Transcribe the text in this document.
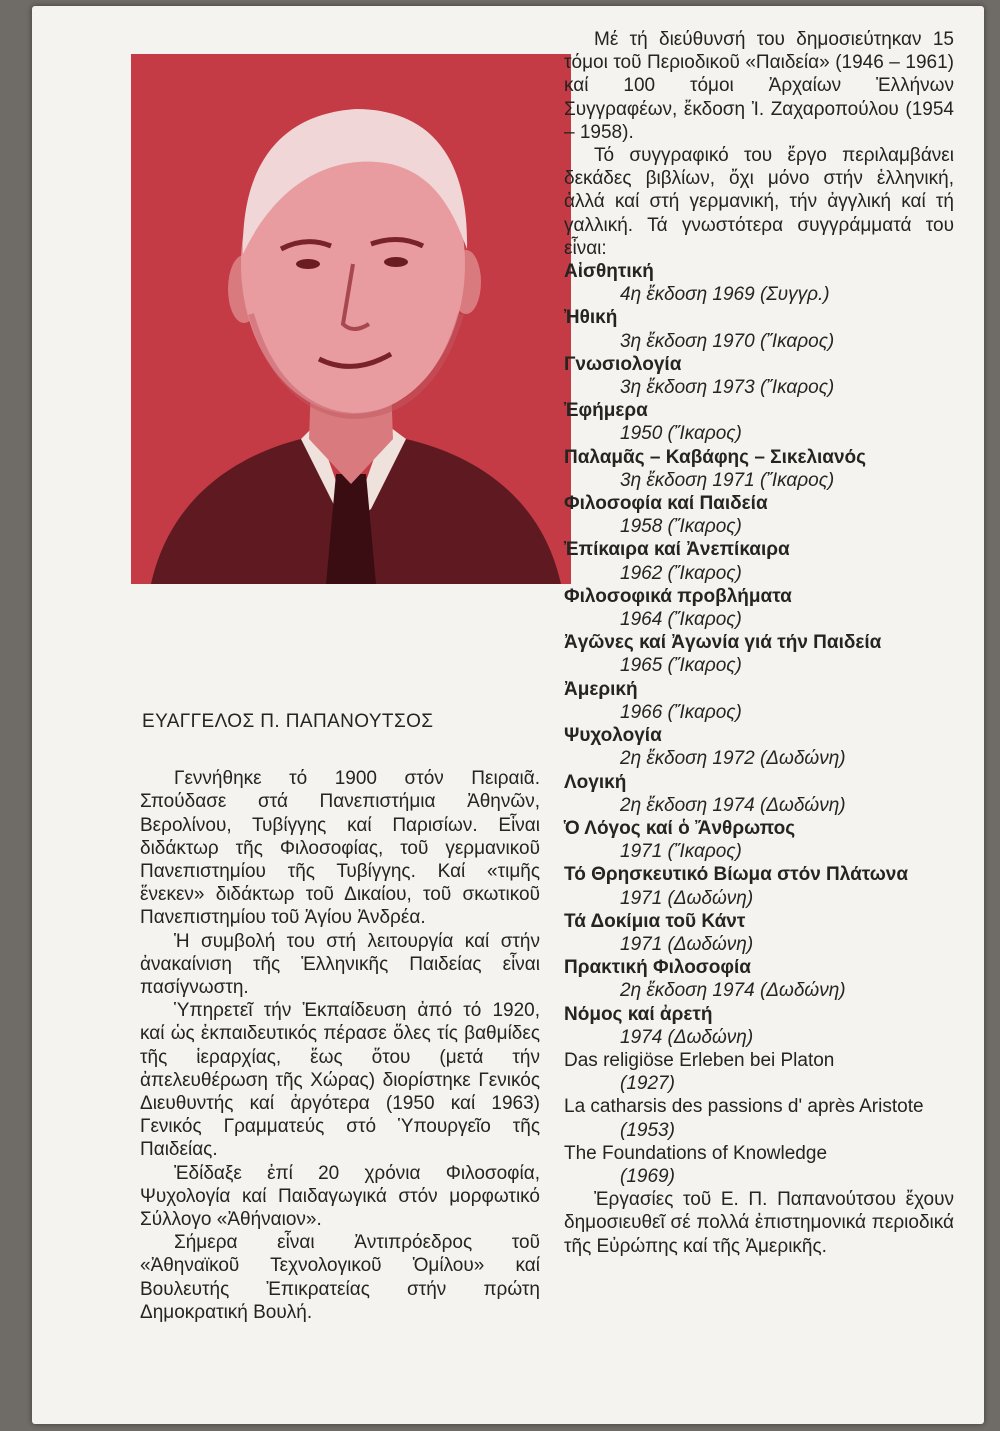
ΕΥΑΓΓΕΛΟΣ Π. ΠΑΠΑΝΟΥΤΣΟΣ

Γεννήθηκε τό 1900 στόν Πειραιᾶ. Σπούδασε στά Πανεπιστήμια Ἀθηνῶν, Βερολίνου, Τυβίγγης καί Παρισίων. Εἶναι διδάκτωρ τῆς Φιλοσοφίας, τοῦ γερμανικοῦ Πανεπιστημίου τῆς Τυβίγγης. Καί «τιμῆς ἕνεκεν» διδάκτωρ τοῦ Δικαίου, τοῦ σκωτικοῦ Πανεπιστημίου τοῦ Ἁγίου Ἀνδρέα.

Ἡ συμβολή του στή λειτουργία καί στήν ἀνακαίνιση τῆς Ἑλληνικῆς Παιδείας εἶναι πασίγνωστη.

Ὑπηρετεῖ τήν Ἐκπαίδευση ἀπό τό 1920, καί ὡς ἐκπαιδευτικός πέρασε ὅλες τίς βαθμίδες τῆς ἱεραρχίας, ἕως ὅτου (μετά τήν ἀπελευθέρωση τῆς Χώρας) διορίστηκε Γενικός Διευθυντής καί ἀργότερα (1950 καί 1963) Γενικός Γραμματεύς στό Ὑπουργεῖο τῆς Παιδείας.

Ἐδίδαξε ἐπί 20 χρόνια Φιλοσοφία, Ψυχολογία καί Παιδαγωγικά στόν μορφωτικό Σύλλογο «Ἀθήναιον».

Σήμερα εἶναι Ἀντιπρόεδρος τοῦ «Ἀθηναϊκοῦ Τεχνολογικοῦ Ὁμίλου» καί Βουλευτής Ἐπικρατείας στήν πρώτη Δημοκρατική Βουλή.

Μέ τή διεύθυνσή του δημοσιεύτηκαν 15 τόμοι τοῦ Περιοδικοῦ «Παιδεία» (1946 – 1961) καί 100 τόμοι Ἀρχαίων Ἑλλήνων Συγγραφέων, ἔκδοση Ἰ. Ζαχαροπούλου (1954 – 1958).

Τό συγγραφικό του ἔργο περιλαμβάνει δεκάδες βιβλίων, ὄχι μόνο στήν ἑλληνική, ἀλλά καί στή γερμανική, τήν ἀγγλική καί τή γαλλική. Τά γνωστότερα συγγράμματά του εἶναι:

Αἰσθητική
4η ἔκδοση 1969 (Συγγρ.)
Ἠθική
3η ἔκδοση 1970 (Ἴκαρος)
Γνωσιολογία
3η ἔκδοση 1973 (Ἴκαρος)
Ἐφήμερα
1950 (Ἴκαρος)
Παλαμᾶς – Καβάφης – Σικελιανός
3η ἔκδοση 1971 (Ἴκαρος)
Φιλοσοφία καί Παιδεία
1958 (Ἴκαρος)
Ἐπίκαιρα καί Ἀνεπίκαιρα
1962 (Ἴκαρος)
Φιλοσοφικά προβλήματα
1964 (Ἴκαρος)
Ἀγῶνες καί Ἀγωνία γιά τήν Παιδεία
1965 (Ἴκαρος)
Ἀμερική
1966 (Ἴκαρος)
Ψυχολογία
2η ἔκδοση 1972 (Δωδώνη)
Λογική
2η ἔκδοση 1974 (Δωδώνη)
Ὁ Λόγος καί ὁ Ἄνθρωπος
1971 (Ἴκαρος)
Τό Θρησκευτικό Βίωμα στόν Πλάτωνα
1971 (Δωδώνη)
Τά Δοκίμια τοῦ Κάντ
1971 (Δωδώνη)
Πρακτική Φιλοσοφία
2η ἔκδοση 1974 (Δωδώνη)
Νόμος καί ἀρετή
1974 (Δωδώνη)
Das religiöse Erleben bei Platon
(1927)
La catharsis des passions d' après Aristote
(1953)
The Foundations of Knowledge
(1969)

Ἐργασίες τοῦ Ε. Π. Παπανούτσου ἔχουν δημοσιευθεῖ σέ πολλά ἐπιστημονικά περιοδικά τῆς Εὐρώπης καί τῆς Ἀμερικῆς.
